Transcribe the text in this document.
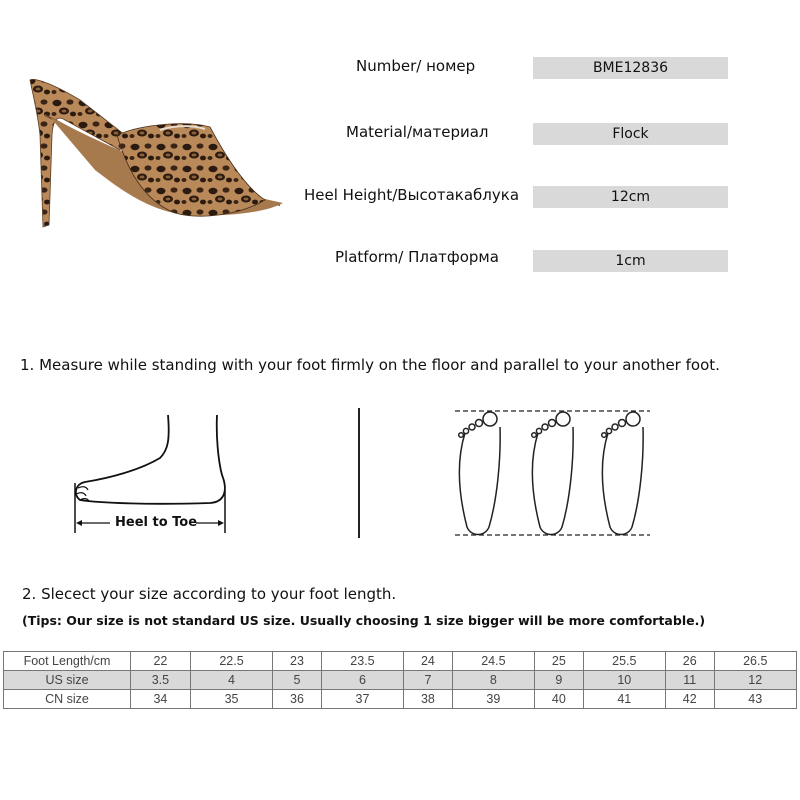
Number/ номер	BME12836
Material/материал	Flock
Heel Height/Высотакаблука	12cm
Platform/ Платформа	1cm
1. Measure while standing with your foot firmly on the floor and parallel to your another foot.
Heel to Toe
2. Slecect your size according to your foot length.
(Tips: Our size is not standard US size. Usually choosing 1 size bigger will be more comfortable.)
Foot Length/cm	22	22.5	23	23.5	24	24.5	25	25.5	26	26.5
US size	3.5	4	5	6	7	8	9	10	11	12
CN size	34	35	36	37	38	39	40	41	42	43
